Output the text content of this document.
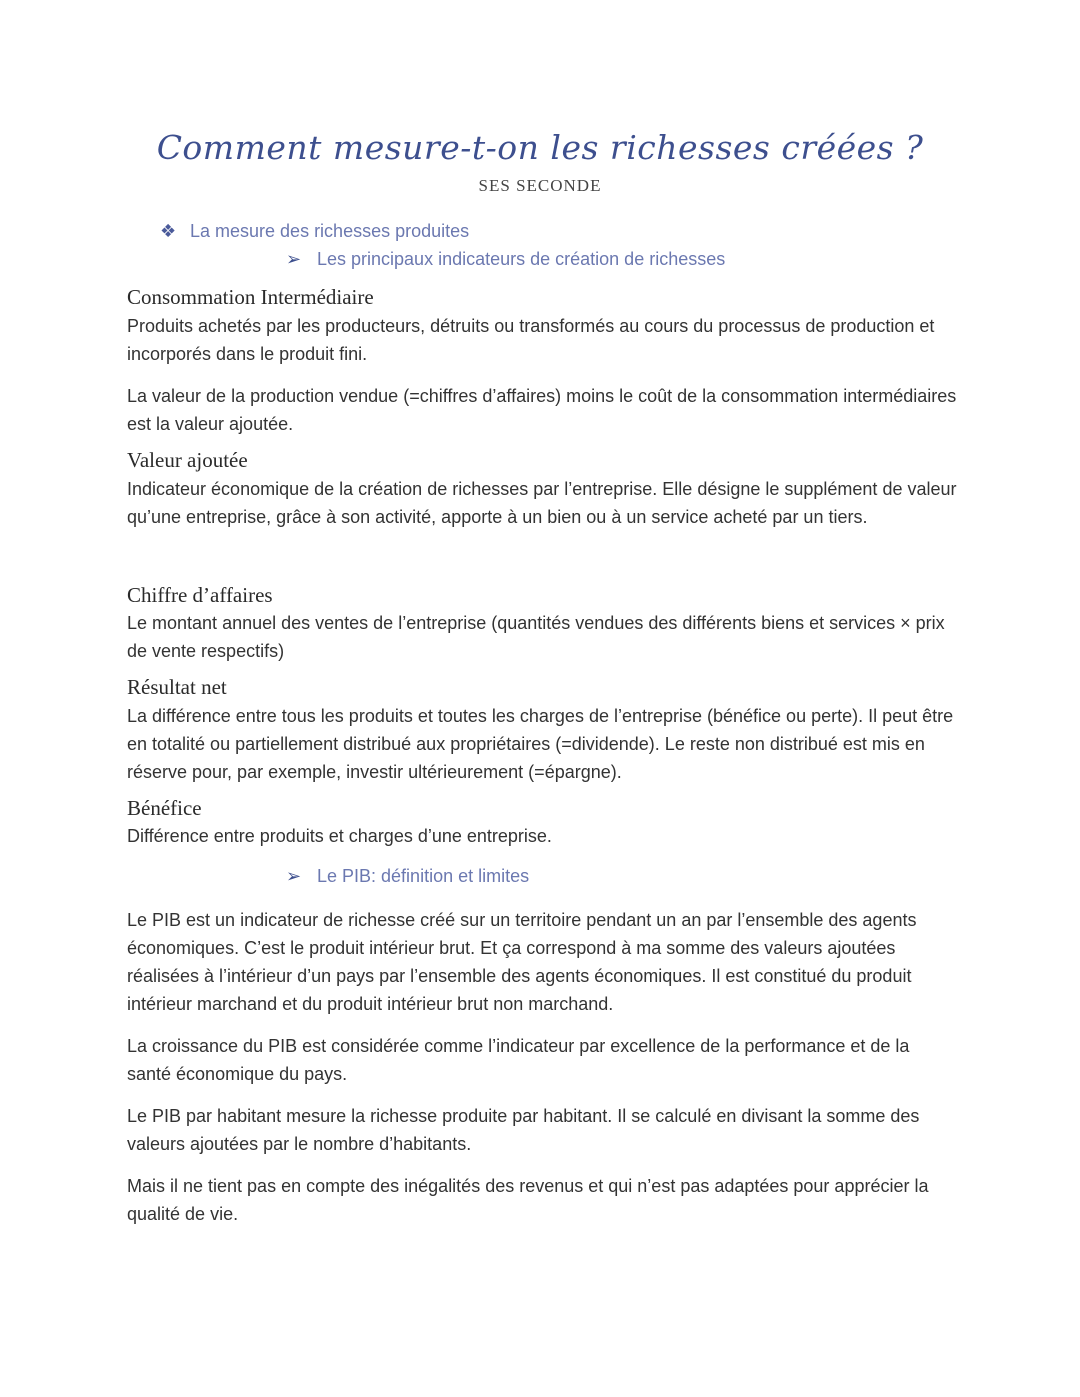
Comment mesure-t-on les richesses créées ?
SES SECONDE
❖ La mesure des richesses produites
➢ Les principaux indicateurs de création de richesses
Consommation Intermédiaire
Produits achetés par les producteurs, détruits ou transformés au cours du processus de production et incorporés dans le produit fini.
La valeur de la production vendue (=chiffres d’affaires) moins le coût de la consommation intermédiaires est la valeur ajoutée.
Valeur ajoutée
Indicateur économique de la création de richesses par l’entreprise. Elle désigne le supplément de valeur qu’une entreprise, grâce à son activité, apporte à un bien ou à un service acheté par un tiers.
Chiffre d’affaires
Le montant annuel des ventes de l’entreprise (quantités vendues des différents biens et services × prix de vente respectifs)
Résultat net
La différence entre tous les produits et toutes les charges de l’entreprise (bénéfice ou perte). Il peut être en totalité ou partiellement distribué aux propriétaires (=dividende). Le reste non distribué est mis en réserve pour, par exemple, investir ultérieurement (=épargne).
Bénéfice
Différence entre produits et charges d’une entreprise.
➢ Le PIB: définition et limites
Le PIB est un indicateur de richesse créé sur un territoire pendant un an par l’ensemble des agents économiques. C’est le produit intérieur brut. Et ça correspond à ma somme des valeurs ajoutées réalisées à l’intérieur d’un pays par l’ensemble des agents économiques. Il est constitué du produit intérieur marchand et du produit intérieur brut non marchand.
La croissance du PIB est considérée comme l’indicateur par excellence de la performance et de la santé économique du pays.
Le PIB par habitant mesure la richesse produite par habitant. Il se calculé en divisant la somme des valeurs ajoutées par le nombre d’habitants.
Mais il ne tient pas en compte des inégalités des revenus et qui n’est pas adaptées pour apprécier la qualité de vie.
